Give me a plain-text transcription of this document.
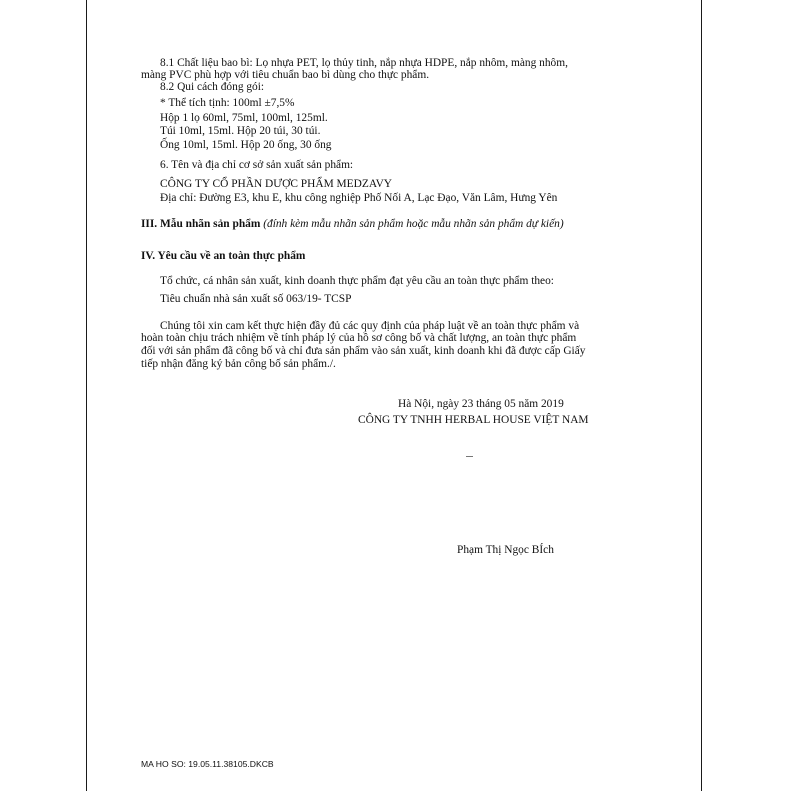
8.1 Chất liệu bao bì: Lọ nhựa PET, lọ thủy tinh, nắp nhựa HDPE, nắp nhôm, màng nhôm,

màng PVC phù hợp với tiêu chuẩn bao bì dùng cho thực phẩm.

8.2 Qui cách đóng gói:

* Thể tích tịnh: 100ml ±7,5%

Hộp 1 lọ 60ml, 75ml, 100ml, 125ml.

Túi 10ml, 15ml. Hộp 20 túi, 30 túi.

Ống 10ml, 15ml. Hộp 20 ống, 30 ống

6. Tên và địa chỉ cơ sở sản xuất sản phẩm:

CÔNG TY CỔ PHẦN DƯỢC PHẨM MEDZAVY

Địa chỉ: Đường E3, khu E, khu công nghiệp Phố Nối A, Lạc Đạo, Văn Lâm, Hưng Yên

III. Mẫu nhãn sản phẩm (đính kèm mẫu nhãn sản phẩm hoặc mẫu nhãn sản phẩm dự kiến)

IV. Yêu cầu về an toàn thực phẩm

Tổ chức, cá nhân sản xuất, kinh doanh thực phẩm đạt yêu cầu an toàn thực phẩm theo:

Tiêu chuẩn nhà sản xuất số 063/19- TCSP

Chúng tôi xin cam kết thực hiện đầy đủ các quy định của pháp luật về an toàn thực phẩm và

hoàn toàn chịu trách nhiệm về tính pháp lý của hồ sơ công bố và chất lượng, an toàn thực phẩm

đối với sản phẩm đã công bố và chỉ đưa sản phẩm vào sản xuất, kinh doanh khi đã được cấp Giấy

tiếp nhận đăng ký bản công bố sản phẩm./.

Hà Nội, ngày 23 tháng 05 năm 2019

CÔNG TY TNHH HERBAL HOUSE VIỆT NAM

Phạm Thị Ngọc BÍch

MA HO SO: 19.05.11.38105.DKCB
